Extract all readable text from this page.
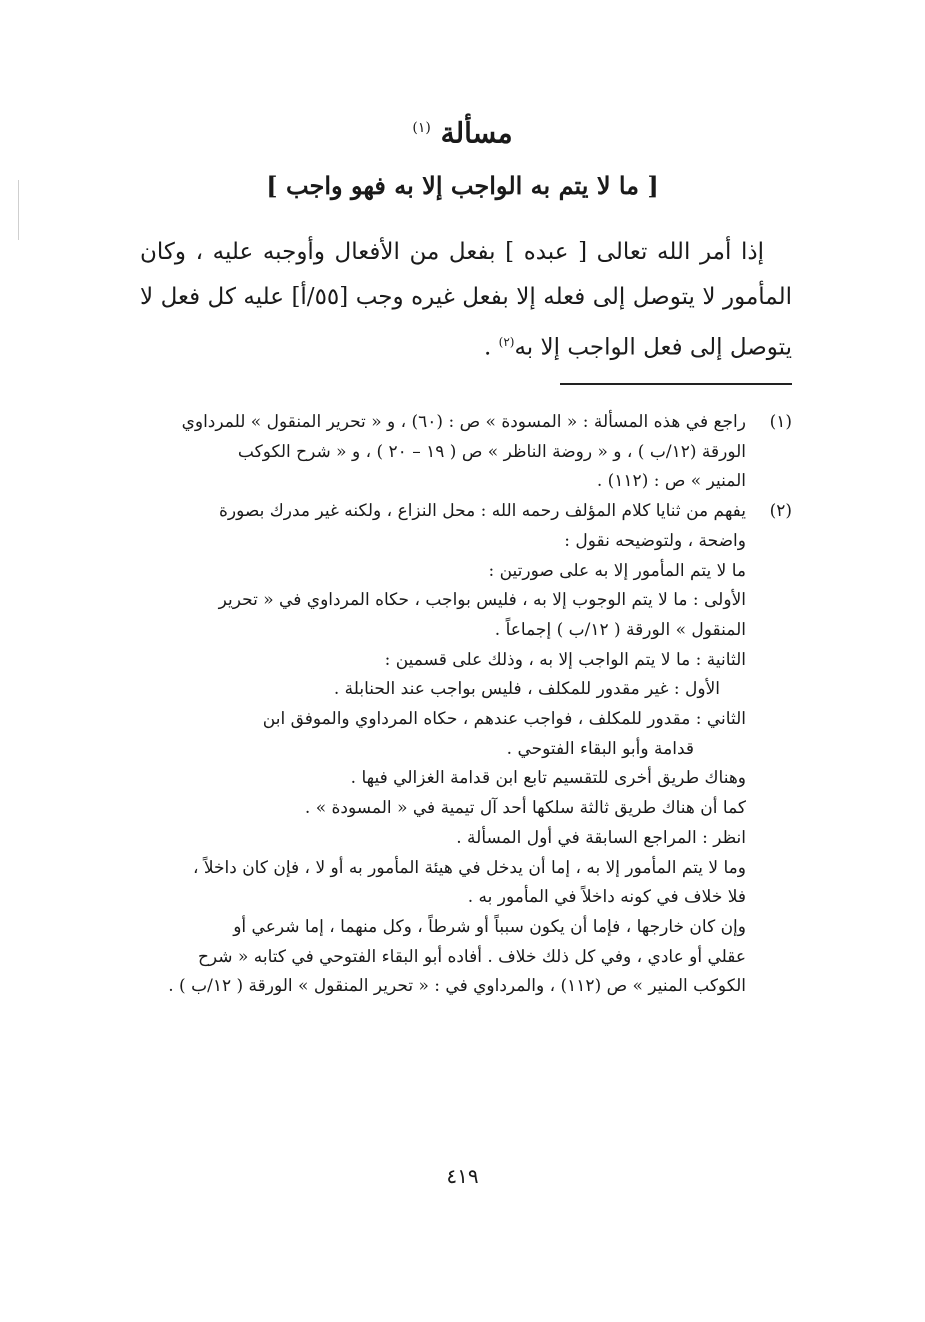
مسألة $^{(١)}$
[ ما لا يتم به الواجب إلا به فهو واجب ]

إذا أمر الله تعالى [ عبده ] بفعل من الأفعال وأوجبه عليه ، وكان المأمور لا يتوصل إلى فعله إلا بفعل غيره وجب [٥٥/أ] عليه كل فعل لا يتوصل إلى فعل الواجب إلا به$^{(٢)}$ .

(١)
راجع في هذه المسألة : « المسودة » ص : (٦٠) ، و « تحرير المنقول » للمرداوي
الورقة (١٢/ب ) ، و « روضة الناظر » ص ( ١٩ – ٢٠ ) ، و « شرح الكوكب
المنير » ص : (١١٢) .
(٢)
يفهم من ثنايا كلام المؤلف رحمه الله : محل النزاع ، ولكنه غير مدرك بصورة
واضحة ، ولتوضيحه نقول :
ما لا يتم المأمور إلا به على صورتين :
الأولى : ما لا يتم الوجوب إلا به ، فليس بواجب ، حكاه المرداوي في « تحرير
المنقول » الورقة ( ١٢/ب ) إجماعاً .
الثانية : ما لا يتم الواجب إلا به ، وذلك على قسمين :
الأول : غير مقدور للمكلف ، فليس بواجب عند الحنابلة .
الثاني : مقدور للمكلف ، فواجب عندهم ، حكاه المرداوي والموفق ابن
قدامة وأبو البقاء الفتوحي .
وهناك طريق أخرى للتقسيم تابع ابن قدامة الغزالي فيها .
كما أن هناك طريق ثالثة سلكها أحد آل تيمية في « المسودة » .
انظر : المراجع السابقة في أول المسألة .
وما لا يتم المأمور إلا به ، إما أن يدخل في هيئة المأمور به أو لا ، فإن كان داخلاً ،
فلا خلاف في كونه داخلاً في المأمور به .
وإن كان خارجها ، فإما أن يكون سبباً أو شرطاً ، وكل منهما ، إما شرعي أو
عقلي أو عادي ، وفي كل ذلك خلاف . أفاده أبو البقاء الفتوحي في كتابه « شرح
الكوكب المنير » ص (١١٢) ، والمرداوي في : « تحرير المنقول » الورقة ( ١٢/ب ) .
٤١٩
